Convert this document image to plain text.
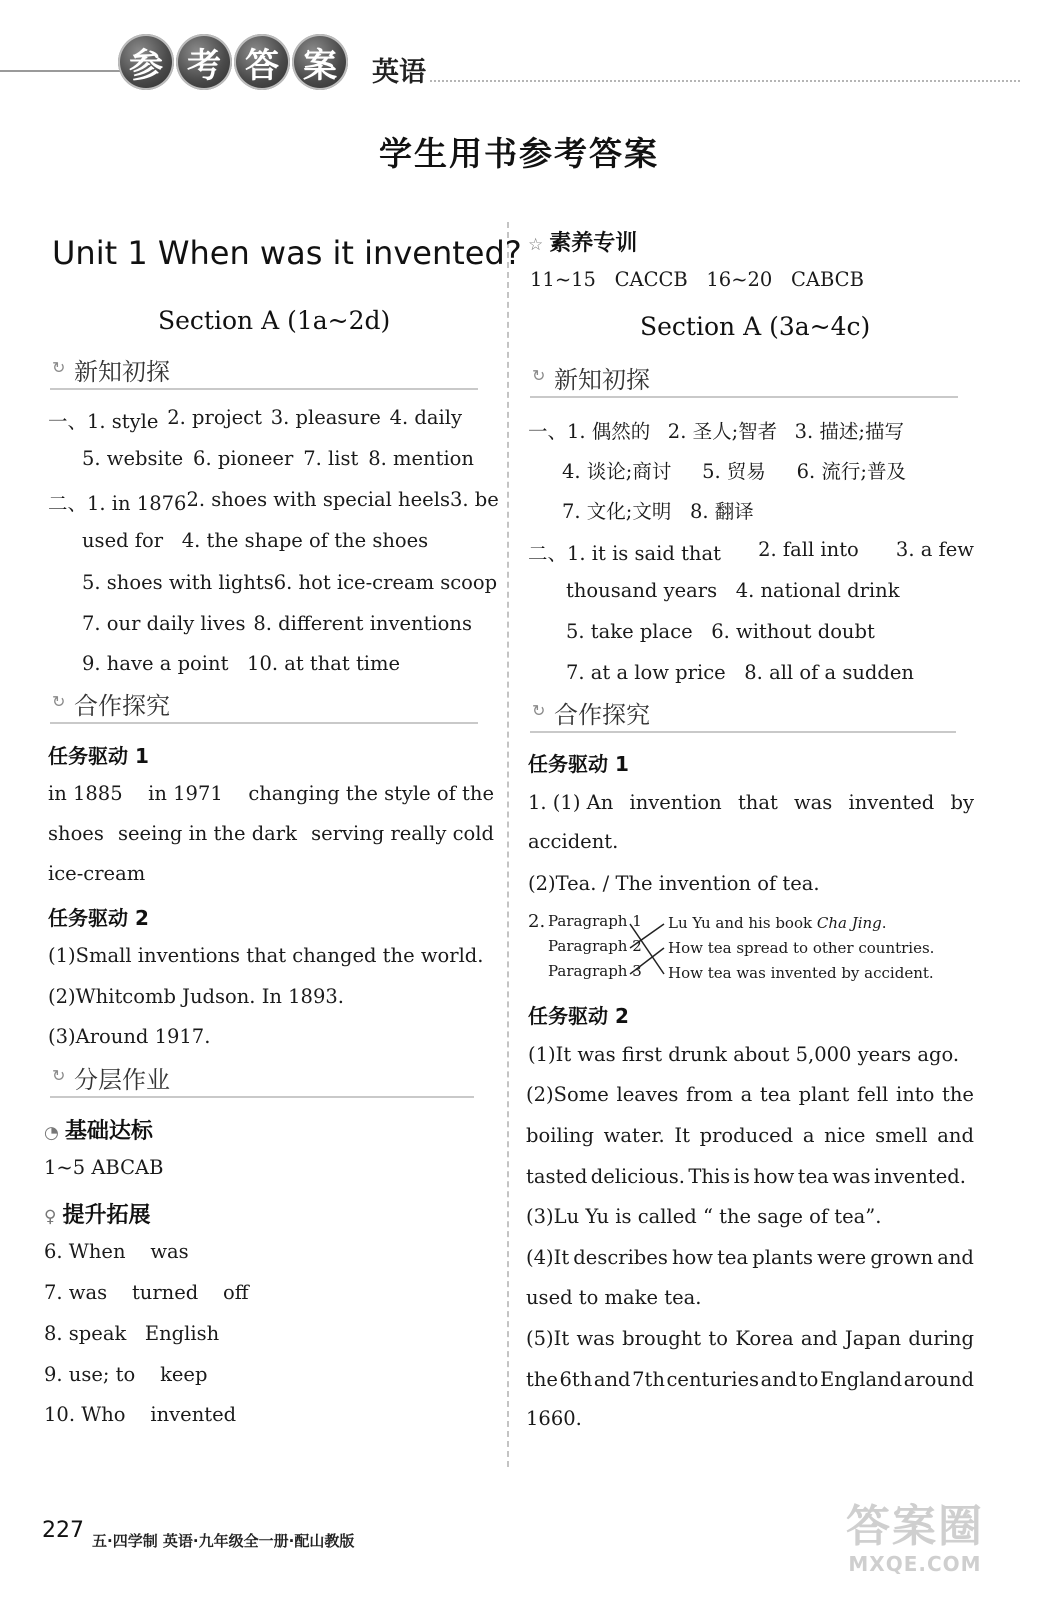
参 考 答 案	英语
学生用书参考答案
Unit 1 When was it invented?
Section A (1a~2d)
↻ 新知初探
一、1. style 2. project 3. pleasure 4. daily
5. website 6. pioneer 7. list 8. mention
二、1. in 1876 2. shoes with special heels 3. be
used for 4. the shape of the shoes
5. shoes with lights 6. hot ice-cream scoop
7. our daily lives 8. different inventions
9. have a point 10. at that time
↻ 合作探究
任务驱动 1
in 1885 in 1971 changing the style of the
shoes seeing in the dark serving really cold
ice-cream
任务驱动 2
(1)Small inventions that changed the world.
(2)Whitcomb Judson. In 1893.
(3)Around 1917.
↻ 分层作业
◔ 基础达标
1~5 ABCAB
♀ 提升拓展
6. When was
7. was turned off
8. speak English
9. use; to keep
10. Who invented
☆ 素养专训
11~15 CACCB 16~20 CABCB
Section A (3a~4c)
↻ 新知初探
一、1. 偶然的 2. 圣人;智者 3. 描述;描写
4. 谈论;商讨 5. 贸易 6. 流行;普及
7. 文化;文明 8. 翻译
二、1. it is said that 2. fall into 3. a few
thousand years 4. national drink
5. take place 6. without doubt
7. at a low price 8. all of a sudden
↻ 合作探究
任务驱动 1
1. (1) An invention that was invented by
accident.
(2)Tea. / The invention of tea.
2. Paragraph 1
Paragraph 2
Paragraph 3
Lu Yu and his book Cha Jing.
How tea spread to other countries.
How tea was invented by accident.
任务驱动 2
(1)It was first drunk about 5,000 years ago.
(2)Some leaves from a tea plant fell into the
boiling water. It produced a nice smell and
tasted delicious. This is how tea was invented.
(3)Lu Yu is called “ the sage of tea”.
(4)It describes how tea plants were grown and
used to make tea.
(5)It was brought to Korea and Japan during
the 6th and 7th centuries and to England around
1660.
227 五·四学制 英语·九年级全一册·配山教版	答案圈
MXQE.COM
